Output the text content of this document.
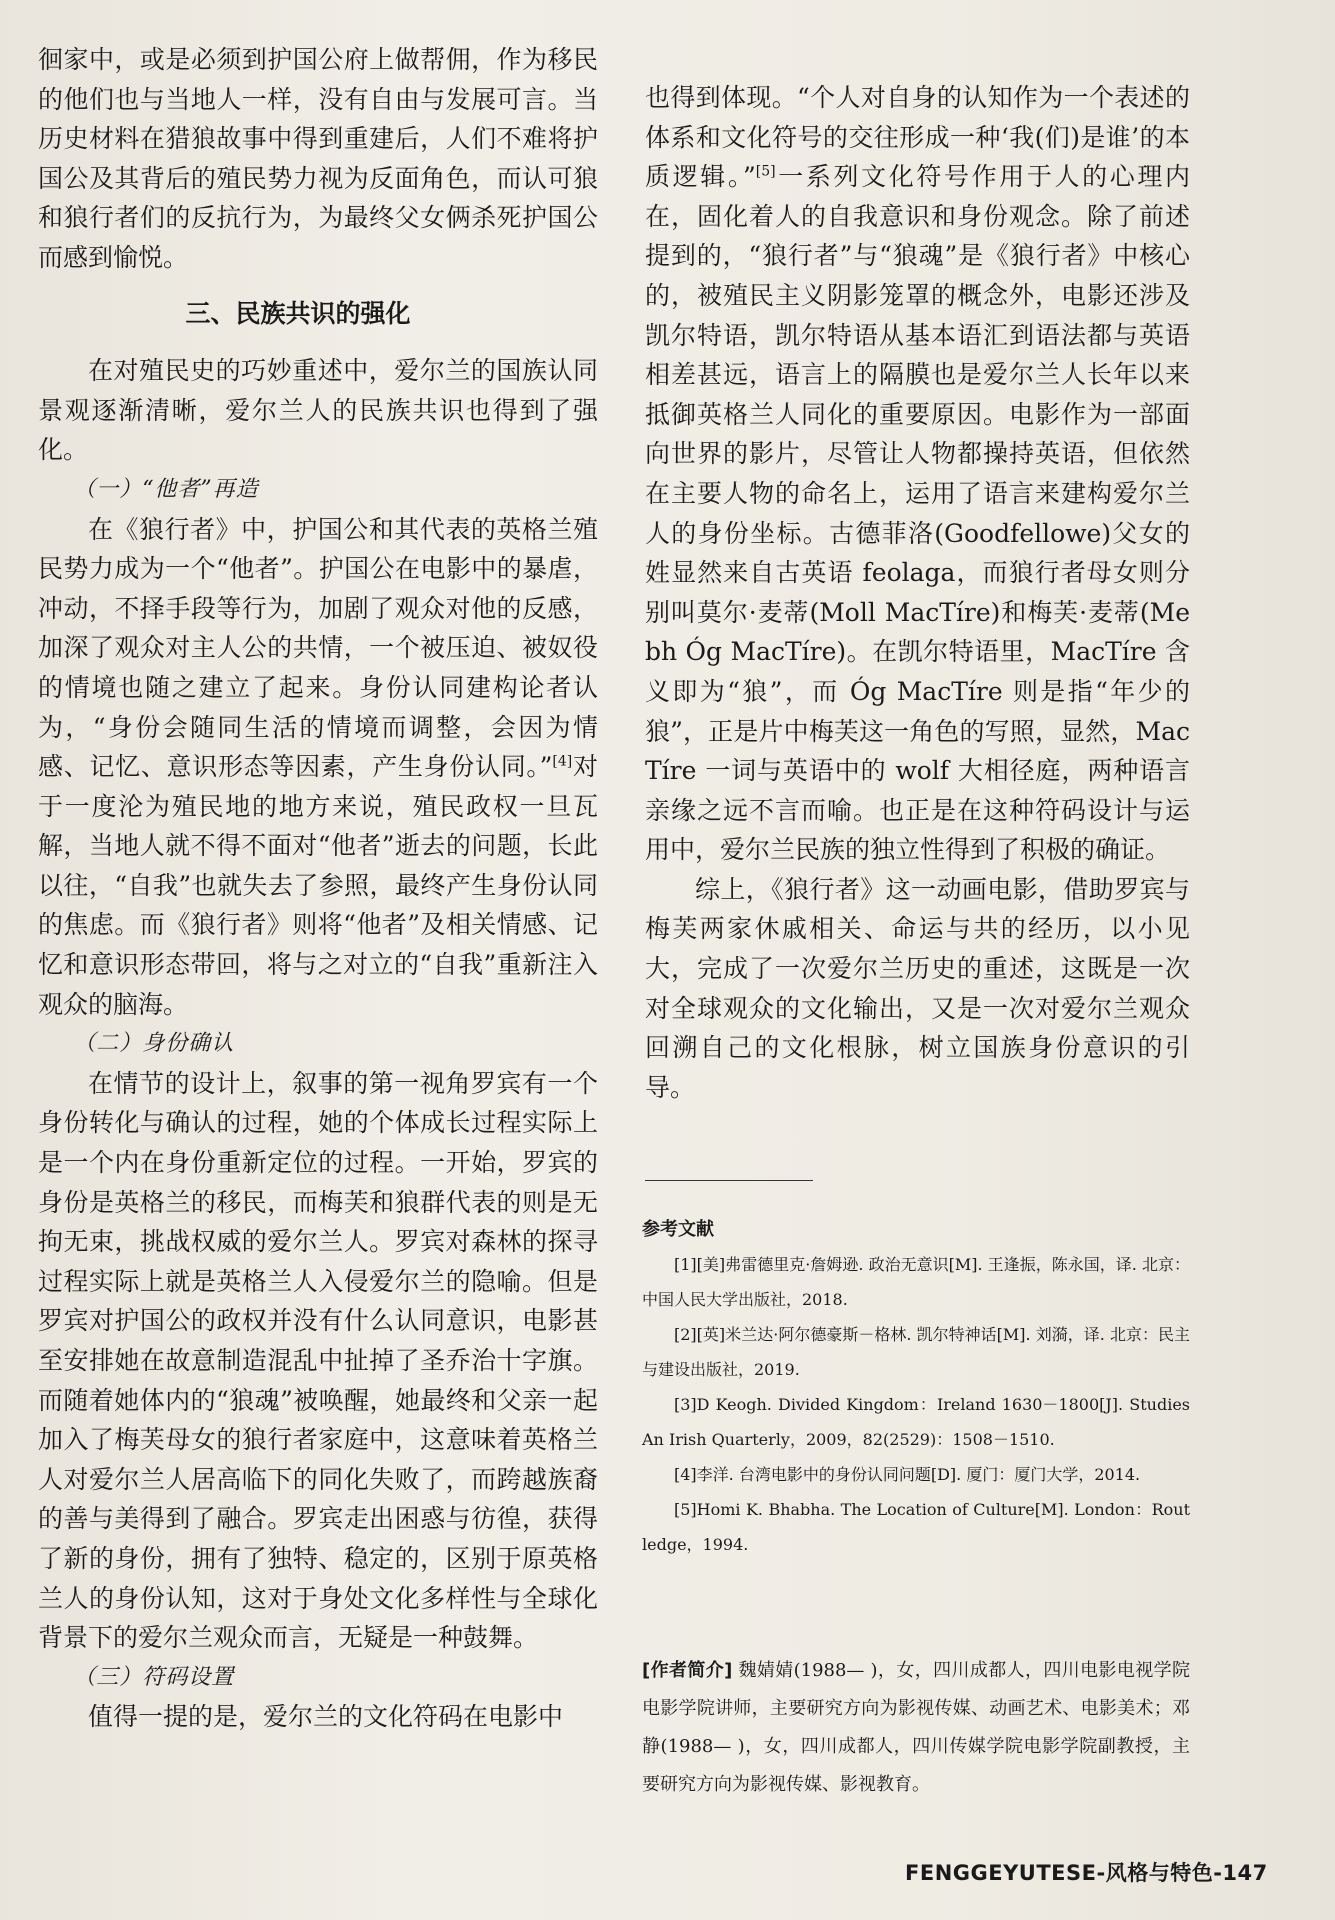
徊家中，或是必须到护国公府上做帮佣，作为移民的他们也与当地人一样，没有自由与发展可言。当历史材料在猎狼故事中得到重建后，人们不难将护国公及其背后的殖民势力视为反面角色，而认可狼和狼行者们的反抗行为，为最终父女俩杀死护国公而感到愉悦。

三、民族共识的强化

在对殖民史的巧妙重述中，爱尔兰的国族认同景观逐渐清晰，爱尔兰人的民族共识也得到了强化。

（一）“他者”再造

在《狼行者》中，护国公和其代表的英格兰殖民势力成为一个“他者”。护国公在电影中的暴虐，冲动，不择手段等行为，加剧了观众对他的反感，加深了观众对主人公的共情，一个被压迫、被奴役的情境也随之建立了起来。身份认同建构论者认为，“身份会随同生活的情境而调整，会因为情感、记忆、意识形态等因素，产生身份认同。”[4]对于一度沦为殖民地的地方来说，殖民政权一旦瓦解，当地人就不得不面对“他者”逝去的问题，长此以往，“自我”也就失去了参照，最终产生身份认同的焦虑。而《狼行者》则将“他者”及相关情感、记忆和意识形态带回，将与之对立的“自我”重新注入观众的脑海。

（二）身份确认

在情节的设计上，叙事的第一视角罗宾有一个身份转化与确认的过程，她的个体成长过程实际上是一个内在身份重新定位的过程。一开始，罗宾的身份是英格兰的移民，而梅芙和狼群代表的则是无拘无束，挑战权威的爱尔兰人。罗宾对森林的探寻过程实际上就是英格兰人入侵爱尔兰的隐喻。但是罗宾对护国公的政权并没有什么认同意识，电影甚至安排她在故意制造混乱中扯掉了圣乔治十字旗。而随着她体内的“狼魂”被唤醒，她最终和父亲一起加入了梅芙母女的狼行者家庭中，这意味着英格兰人对爱尔兰人居高临下的同化失败了，而跨越族裔的善与美得到了融合。罗宾走出困惑与彷徨，获得了新的身份，拥有了独特、稳定的，区别于原英格兰人的身份认知，这对于身处文化多样性与全球化背景下的爱尔兰观众而言，无疑是一种鼓舞。

（三）符码设置

值得一提的是，爱尔兰的文化符码在电影中

也得到体现。“个人对自身的认知作为一个表述的体系和文化符号的交往形成一种‘我(们)是谁’的本质逻辑。”[5]一系列文化符号作用于人的心理内在，固化着人的自我意识和身份观念。除了前述提到的，“狼行者”与“狼魂”是《狼行者》中核心的，被殖民主义阴影笼罩的概念外，电影还涉及凯尔特语，凯尔特语从基本语汇到语法都与英语相差甚远，语言上的隔膜也是爱尔兰人长年以来抵御英格兰人同化的重要原因。电影作为一部面向世界的影片，尽管让人物都操持英语，但依然在主要人物的命名上，运用了语言来建构爱尔兰人的身份坐标。古德菲洛(Goodfellowe)父女的姓显然来自古英语 feolaga，而狼行者母女则分别叫莫尔·麦蒂(Moll MacTíre)和梅芙·麦蒂(Mebh Óg MacTíre)。在凯尔特语里，MacTíre 含义即为“狼”，而 Óg MacTíre 则是指“年少的狼”，正是片中梅芙这一角色的写照，显然，MacTíre 一词与英语中的 wolf 大相径庭，两种语言亲缘之远不言而喻。也正是在这种符码设计与运用中，爱尔兰民族的独立性得到了积极的确证。

综上，《狼行者》这一动画电影，借助罗宾与梅芙两家休戚相关、命运与共的经历，以小见大，完成了一次爱尔兰历史的重述，这既是一次对全球观众的文化输出，又是一次对爱尔兰观众回溯自己的文化根脉，树立国族身份意识的引导。

参考文献

[1][美]弗雷德里克·詹姆逊. 政治无意识[M]. 王逢振，陈永国，译. 北京：中国人民大学出版社，2018.

[2][英]米兰达·阿尔德豪斯－格林. 凯尔特神话[M]. 刘漪，译. 北京：民主与建设出版社，2019.

[3]D Keogh. Divided Kingdom：Ireland 1630－1800[J]. Studies An Irish Quarterly，2009，82(2529)：1508－1510.

[4]李洋. 台湾电影中的身份认同问题[D]. 厦门：厦门大学，2014.

[5]Homi K. Bhabha. The Location of Culture[M]. London：Routledge，1994.

[作者简介] 魏婧婧(1988— )，女，四川成都人，四川电影电视学院电影学院讲师，主要研究方向为影视传媒、动画艺术、电影美术；邓静(1988— )，女，四川成都人，四川传媒学院电影学院副教授，主要研究方向为影视传媒、影视教育。
FENGGEYUTESE-风格与特色-147
